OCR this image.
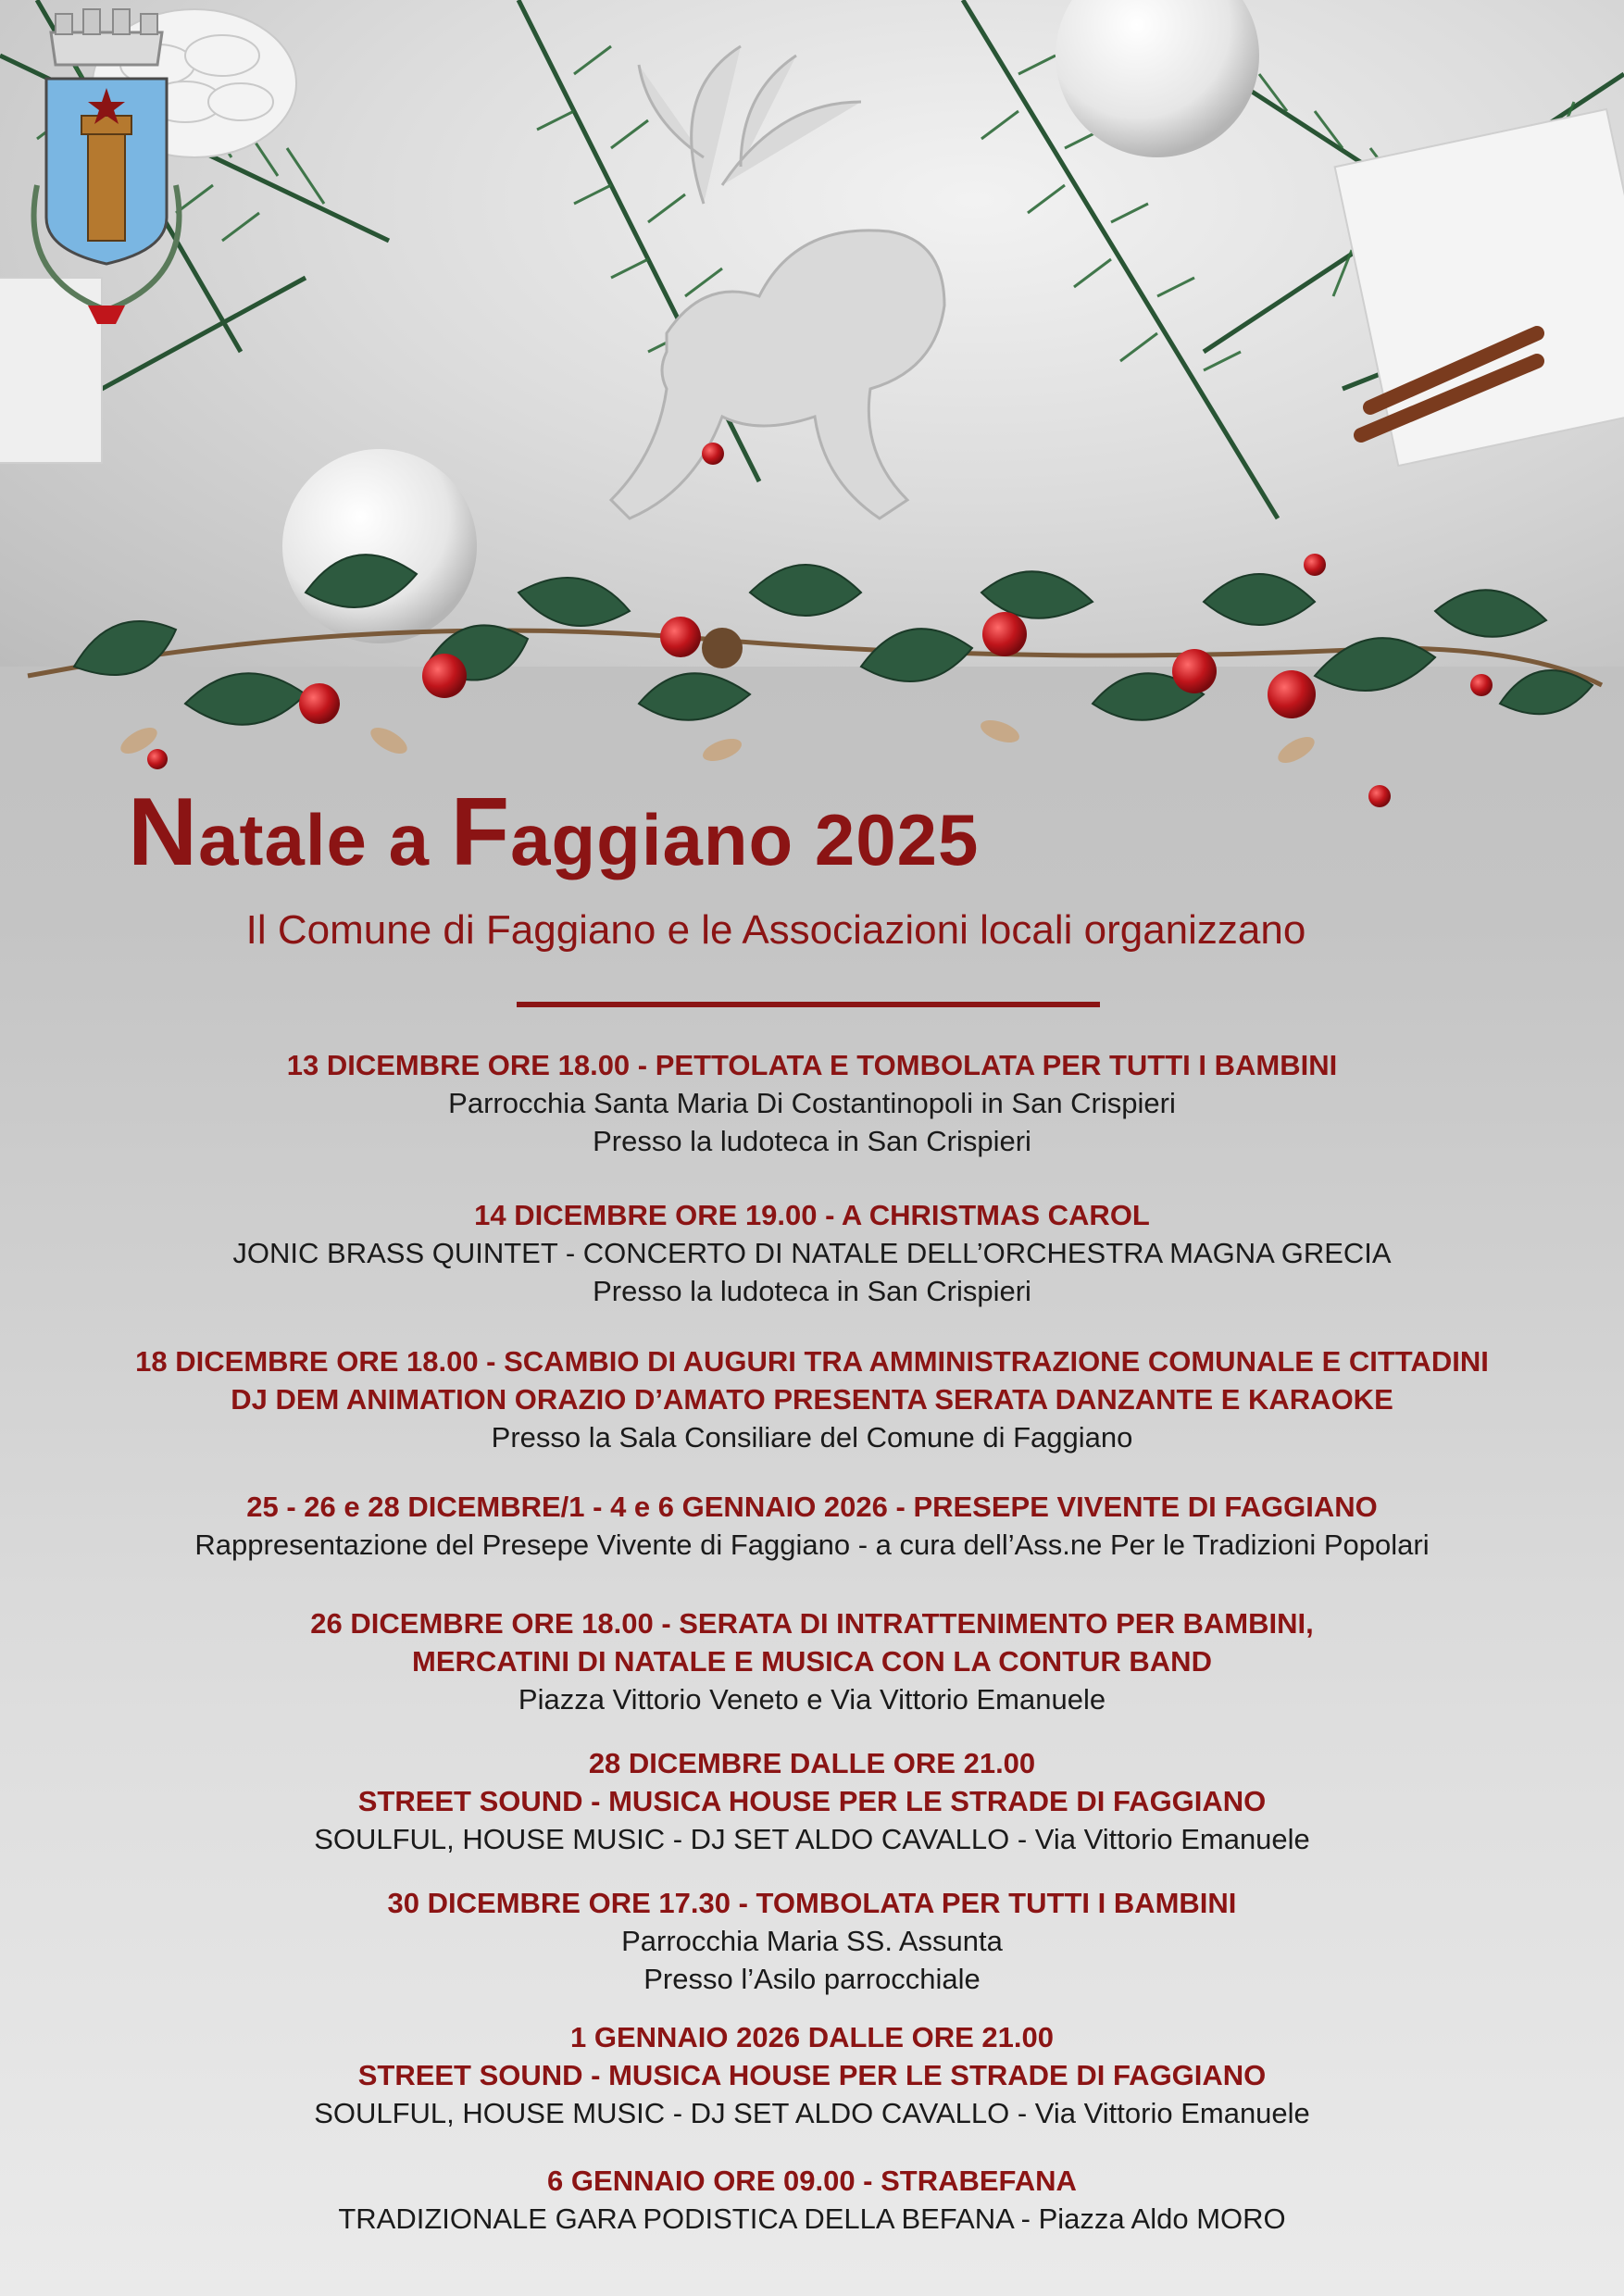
Natale a Faggiano 2025
Il Comune di Faggiano e le Associazioni locali organizzano
13 DICEMBRE ORE 18.00 - PETTOLATA E TOMBOLATA PER TUTTI I BAMBINI
Parrocchia Santa Maria Di Costantinopoli in San Crispieri
Presso la ludoteca in San Crispieri
14 DICEMBRE ORE 19.00 - A CHRISTMAS CAROL
JONIC BRASS QUINTET - CONCERTO DI NATALE DELL’ORCHESTRA MAGNA GRECIA
Presso la ludoteca in San Crispieri
18 DICEMBRE ORE 18.00 - SCAMBIO DI AUGURI TRA AMMINISTRAZIONE COMUNALE E CITTADINI
DJ DEM ANIMATION ORAZIO D’AMATO PRESENTA SERATA DANZANTE E KARAOKE
Presso la Sala Consiliare del Comune di Faggiano
25 - 26 e 28 DICEMBRE/1 - 4 e 6 GENNAIO 2026 - PRESEPE VIVENTE DI FAGGIANO
Rappresentazione del Presepe Vivente di Faggiano - a cura dell’Ass.ne Per le Tradizioni Popolari
26 DICEMBRE ORE 18.00 - SERATA DI INTRATTENIMENTO PER BAMBINI,
MERCATINI DI NATALE E MUSICA CON LA CONTUR BAND
Piazza Vittorio Veneto e Via Vittorio Emanuele
28 DICEMBRE DALLE ORE 21.00
STREET SOUND - MUSICA HOUSE PER LE STRADE DI FAGGIANO
SOULFUL, HOUSE MUSIC - DJ SET ALDO CAVALLO - Via Vittorio Emanuele
30 DICEMBRE ORE 17.30 - TOMBOLATA PER TUTTI I BAMBINI
Parrocchia Maria SS. Assunta
Presso l’Asilo parrocchiale
1 GENNAIO 2026 DALLE ORE 21.00
STREET SOUND - MUSICA HOUSE PER LE STRADE DI FAGGIANO
SOULFUL, HOUSE MUSIC - DJ SET ALDO CAVALLO - Via Vittorio Emanuele
6 GENNAIO ORE 09.00 - STRABEFANA
TRADIZIONALE GARA PODISTICA DELLA BEFANA - Piazza Aldo MORO
